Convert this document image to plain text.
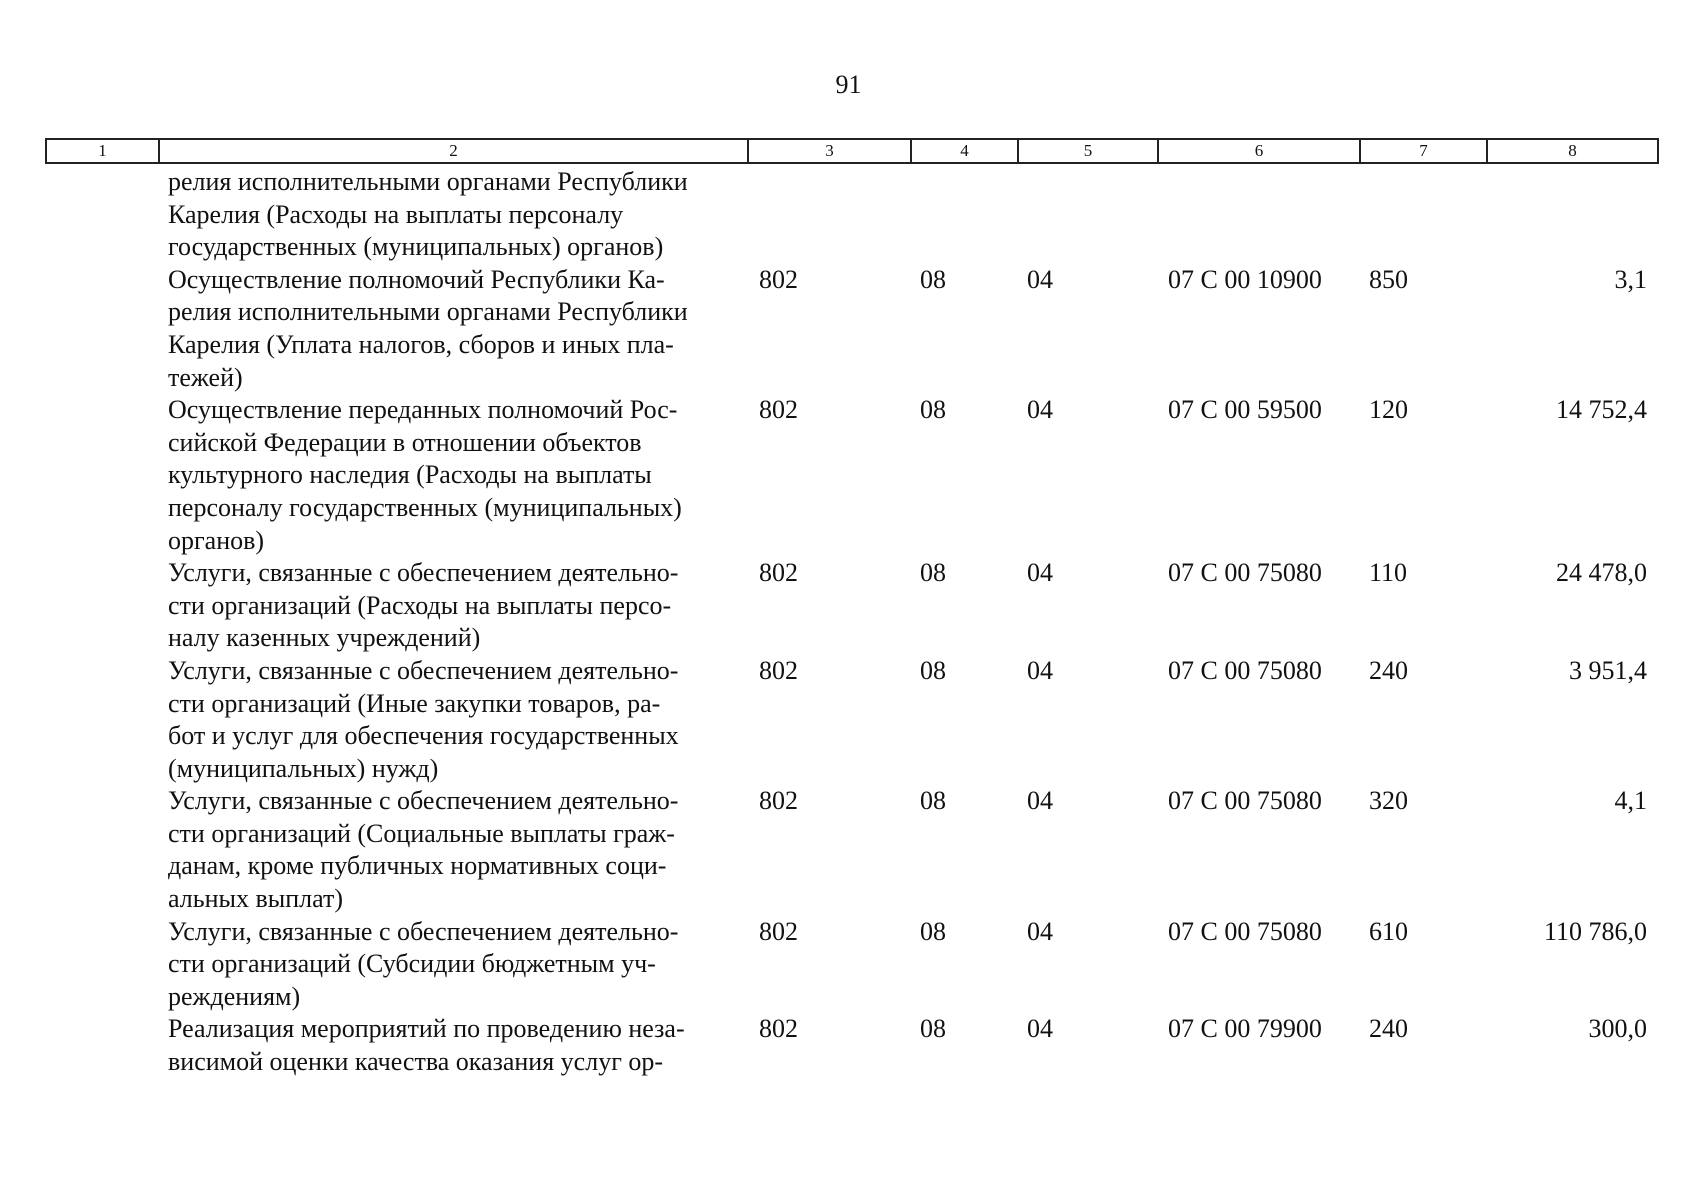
91
1	2	3	4	5	6	7	8
релия исполнительными органами Республики
Карелия (Расходы на выплаты персоналу
государственных (муниципальных) органов)
Осуществление полномочий Республики Ка-
релия исполнительными органами Республики
Карелия (Уплата налогов, сборов и иных пла-
тежей)
802	08	04	07 С 00 10900	850	3,1
Осуществление переданных полномочий Рос-
сийской Федерации в отношении объектов
культурного наследия (Расходы на выплаты
персоналу государственных (муниципальных)
органов)
802	08	04	07 С 00 59500	120	14 752,4
Услуги, связанные с обеспечением деятельно-
сти организаций (Расходы на выплаты персо-
налу казенных учреждений)
802	08	04	07 С 00 75080	110	24 478,0
Услуги, связанные с обеспечением деятельно-
сти организаций (Иные закупки товаров, ра-
бот и услуг для обеспечения государственных
(муниципальных) нужд)
802	08	04	07 С 00 75080	240	3 951,4
Услуги, связанные с обеспечением деятельно-
сти организаций (Социальные выплаты граж-
данам, кроме публичных нормативных соци-
альных выплат)
802	08	04	07 С 00 75080	320	4,1
Услуги, связанные с обеспечением деятельно-
сти организаций (Субсидии бюджетным уч-
реждениям)
802	08	04	07 С 00 75080	610	110 786,0
Реализация мероприятий по проведению неза-
висимой оценки качества оказания услуг ор-
802	08	04	07 С 00 79900	240	300,0
